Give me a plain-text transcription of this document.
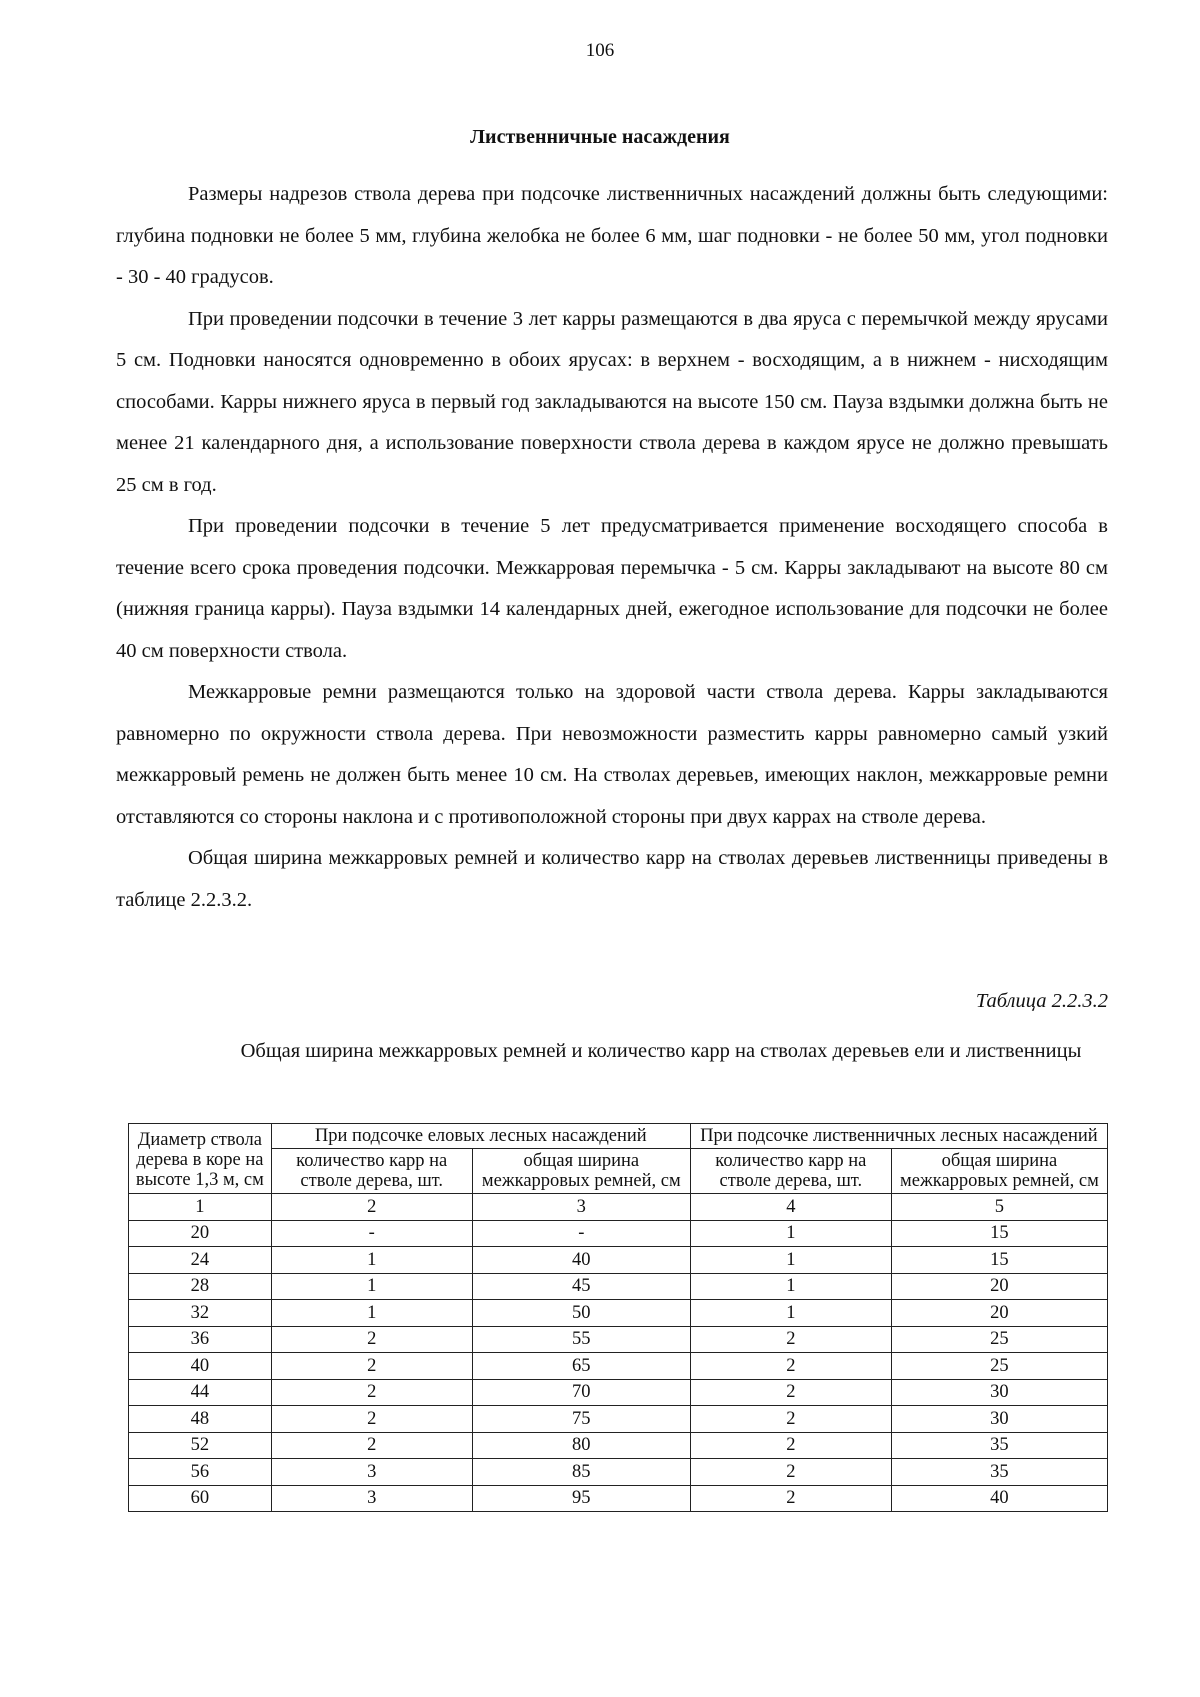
106
Лиственничные насаждения

Размеры надрезов ствола дерева при подсочке лиственничных насаждений должны быть следующими: глубина подновки не более 5 мм, глубина желобка не более 6 мм, шаг подновки - не более 50 мм, угол подновки - 30 - 40 градусов.

При проведении подсочки в течение 3 лет карры размещаются в два яруса с перемычкой между ярусами 5 см. Подновки наносятся одновременно в обоих ярусах: в верхнем - восходящим, а в нижнем - нисходящим способами. Карры нижнего яруса в первый год закладываются на высоте 150 см. Пауза вздымки должна быть не менее 21 календарного дня, а использование поверхности ствола дерева в каждом ярусе не должно превышать 25 см в год.

При проведении подсочки в течение 5 лет предусматривается применение восходящего способа в течение всего срока проведения подсочки. Межкарровая перемычка - 5 см. Карры закладывают на высоте 80 см (нижняя граница карры). Пауза вздымки 14 календарных дней, ежегодное использование для подсочки не более 40 см поверхности ствола.

Межкарровые ремни размещаются только на здоровой части ствола дерева. Карры закладываются равномерно по окружности ствола дерева. При невозможности разместить карры равномерно самый узкий межкарровый ремень не должен быть менее 10 см. На стволах деревьев, имеющих наклон, межкарровые ремни отставляются со стороны наклона и с противоположной стороны при двух каррах на стволе дерева.

Общая ширина межкарровых ремней и количество карр на стволах деревьев лиственницы приведены в таблице 2.2.3.2.

Таблица 2.2.3.2
Общая ширина межкарровых ремней и количество карр на стволах деревьев ели и лиственницы
Диаметр ствола дерева в коре на высоте 1,3 м, см	При подсочке еловых лесных насаждений		При подсочке лиственничных лесных насаждений	
	количество карр на стволе дерева, шт.	общая ширина межкарровых ремней, см	количество карр на стволе дерева, шт.	общая ширина межкарровых ремней, см
1	2	3	4	5
20	-	-	1	15
24	1	40	1	15
28	1	45	1	20
32	1	50	1	20
36	2	55	2	25
40	2	65	2	25
44	2	70	2	30
48	2	75	2	30
52	2	80	2	35
56	3	85	2	35
60	3	95	2	40
